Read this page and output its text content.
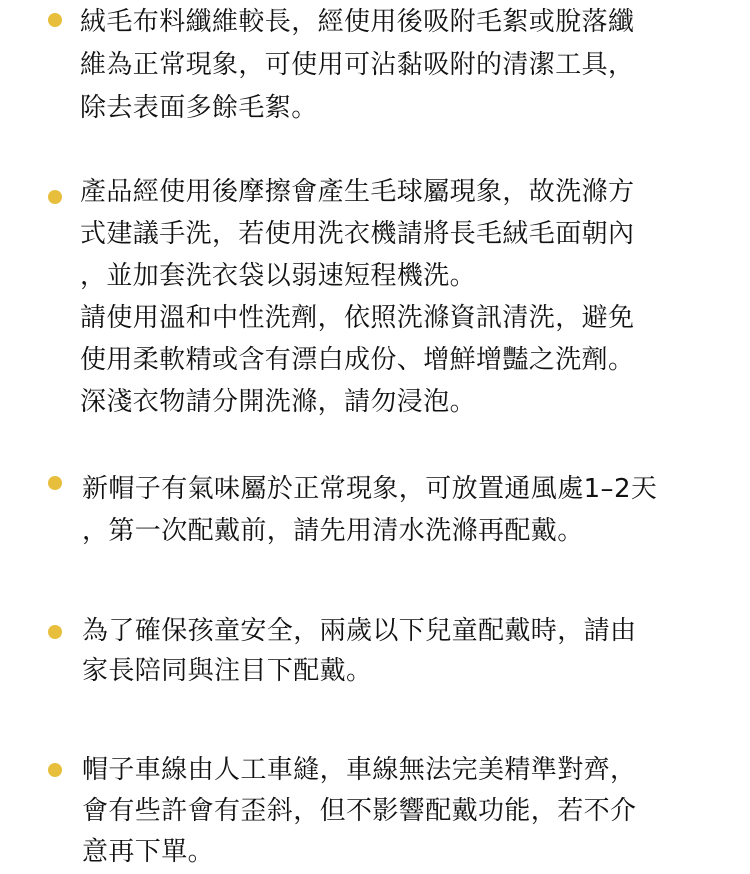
絨毛布料纖維較長，經使用後吸附毛絮或脫落纖
維為正常現象，可使用可沾黏吸附的清潔工具，
除去表面多餘毛絮。
產品經使用後摩擦會產生毛球屬現象，故洗滌方
式建議手洗，若使用洗衣機請將長毛絨毛面朝內
，並加套洗衣袋以弱速短程機洗。
請使用溫和中性洗劑，依照洗滌資訊清洗，避免
使用柔軟精或含有漂白成份、增鮮增豔之洗劑。
深淺衣物請分開洗滌，請勿浸泡。
新帽子有氣味屬於正常現象，可放置通風處1–2天
，第一次配戴前，請先用清水洗滌再配戴。
為了確保孩童安全，兩歲以下兒童配戴時，請由
家長陪同與注目下配戴。
帽子車線由人工車縫，車線無法完美精準對齊，
會有些許會有歪斜，但不影響配戴功能，若不介
意再下單。
